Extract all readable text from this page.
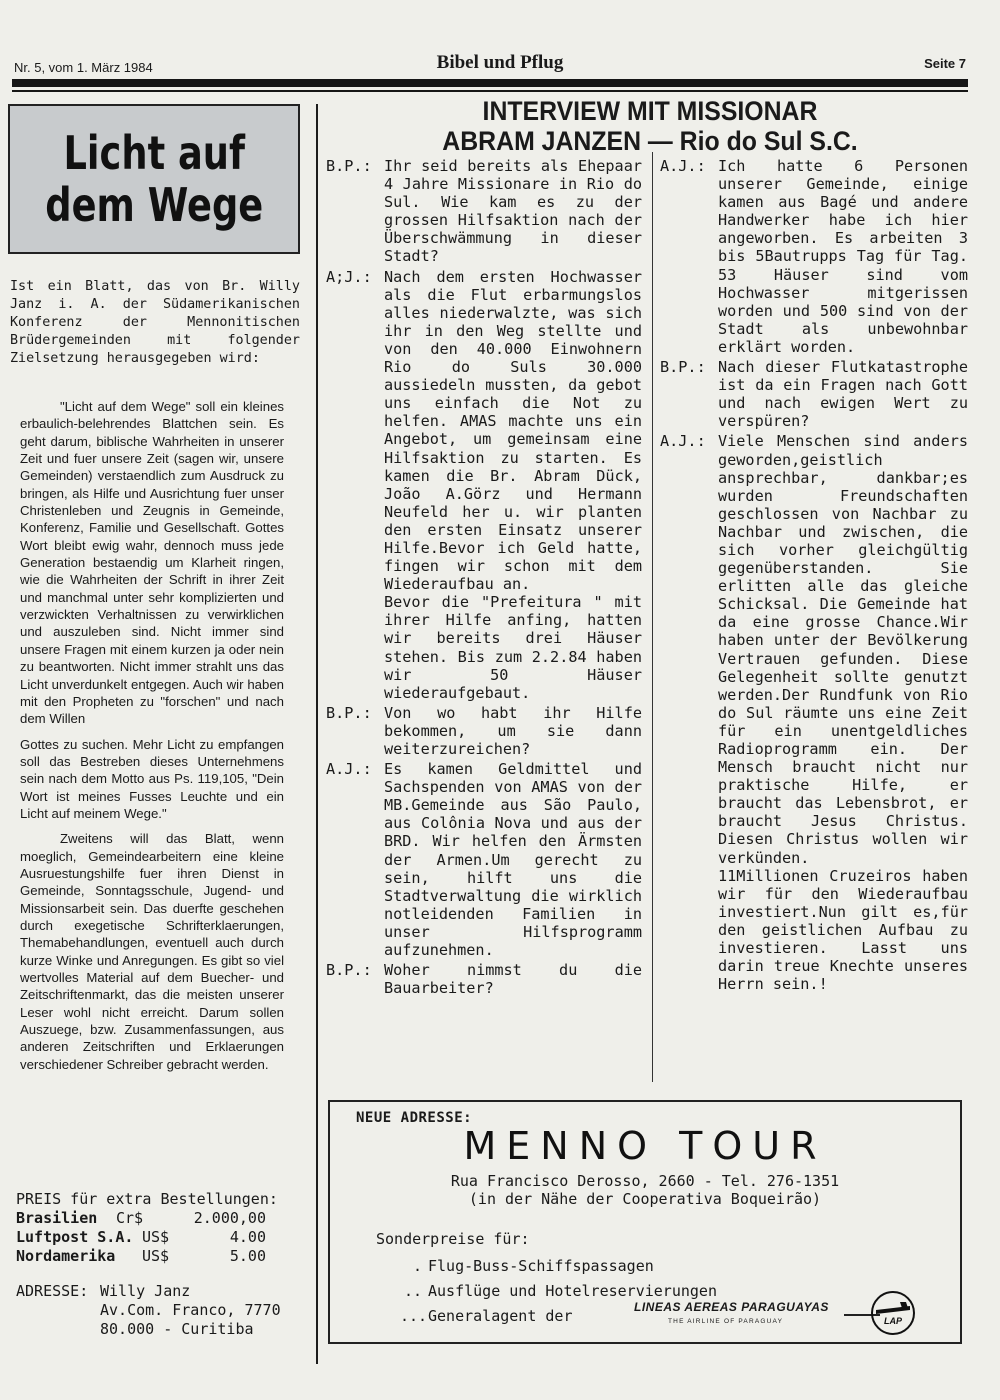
Nr. 5, vom 1. März 1984	Bibel und Pflug	Seite 7
Licht auf
dem Wege
Ist ein Blatt, das von Br. Willy Janz i. A. der Südamerikanischen Konferenz der Mennonitischen Brüdergemeinden mit folgender Zielsetzung herausgegeben wird:

"Licht auf dem Wege" soll ein kleines erbaulich-belehrendes Blattchen sein. Es geht darum, biblische Wahrheiten in unserer Zeit und fuer unsere Zeit (sagen wir, unsere Gemeinden) verstaendlich zum Ausdruck zu bringen, als Hilfe und Ausrichtung fuer unser Christenleben und Zeugnis in Gemeinde, Konferenz, Familie und Gesellschaft. Gottes Wort bleibt ewig wahr, dennoch muss jede Generation bestaendig um Klarheit ringen, wie die Wahrheiten der Schrift in ihrer Zeit und manchmal unter sehr komplizierten und verzwickten Verhaltnissen zu verwirklichen und auszuleben sind. Nicht immer sind unsere Fragen mit einem kurzen ja oder nein zu beantworten. Nicht immer strahlt uns das Licht unverdunkelt entgegen. Auch wir haben mit den Propheten zu "forschen" und nach dem Willen

Gottes zu suchen. Mehr Licht zu empfangen soll das Bestreben dieses Unternehmens sein nach dem Motto aus Ps. 119,105, "Dein Wort ist meines Fusses Leuchte und ein Licht auf meinem Wege."

Zweitens will das Blatt, wenn moeglich, Gemeindearbeitern eine kleine Ausruestungshilfe fuer ihren Dienst in Gemeinde, Sonntagsschule, Jugend- und Missionsarbeit sein. Das duerfte geschehen durch exegetische Schrifterklaerungen, Themabehandlungen, eventuell auch durch kurze Winke und Anregungen. Es gibt so viel wertvolles Material auf dem Buecher- und Zeitschriftenmarkt, das die meisten unserer Leser wohl nicht erreicht. Darum sollen Auszuege, bzw. Zusammenfassungen, aus anderen Zeitschriften und Erklaerungen verschiedener Schreiber gebracht werden.

PREIS für extra Bestellungen:
Brasilien	Cr$	2.000,00
Luftpost S.A. US$	4.00
Nordamerika	US$	5.00
ADRESSE: Willy Janz
Av.Com. Franco, 7770
80.000 - Curitiba
INTERVIEW MIT MISSIONAR
ABRAM JANZEN — Rio do Sul S.C.
B.P.: Ihr seid bereits als Ehepaar 4 Jahre Missionare in Rio do Sul. Wie kam es zu der grossen Hilfsaktion nach der Überschwämmung in dieser Stadt?
A;J.: Nach dem ersten Hochwasser als die Flut erbarmungslos alles niederwalzte, was sich ihr in den Weg stellte und von den 40.000 Einwohnern Rio do Suls 30.000 aussiedeln mussten, da gebot uns einfach die Not zu helfen. AMAS machte uns ein Angebot, um gemeinsam eine Hilfsaktion zu starten. Es kamen die Br. Abram Dück, João A.Görz und Hermann Neufeld her u. wir planten den ersten Einsatz unserer Hilfe.Bevor ich Geld hatte, fingen wir schon mit dem Wiederaufbau an.
Bevor die "Prefeitura " mit ihrer Hilfe anfing, hatten wir bereits drei Häuser stehen. Bis zum 2.2.84 haben wir 50 Häuser wiederaufgebaut.
B.P.: Von wo habt ihr Hilfe bekommen, um sie dann weiterzureichen?
A.J.: Es kamen Geldmittel und Sachspenden von AMAS von der MB.Gemeinde aus São Paulo, aus Colônia Nova und aus der BRD. Wir helfen den Ärmsten der Armen.Um gerecht zu sein, hilft uns die Stadtverwaltung die wirklich notleidenden Familien in unser Hilfsprogramm aufzunehmen.
B.P.: Woher nimmst du die Bauarbeiter?
A.J.: Ich hatte 6 Personen unserer Gemeinde, einige kamen aus Bagé und andere Handwerker habe ich hier angeworben. Es arbeiten 3 bis 5Bautrupps Tag für Tag. 53 Häuser sind vom Hochwasser mitgerissen worden und 500 sind von der Stadt als unbewohnbar erklärt worden.
B.P.: Nach dieser Flutkatastrophe ist da ein Fragen nach Gott und nach ewigen Wert zu verspüren?
A.J.: Viele Menschen sind anders geworden,geistlich ansprechbar, dankbar;es wurden Freundschaften geschlossen von Nachbar zu Nachbar und zwischen, die sich vorher gleichgültig gegenüberstanden. Sie erlitten alle das gleiche Schicksal. Die Gemeinde hat da eine grosse Chance.Wir haben unter der Bevölkerung Vertrauen gefunden. Diese Gelegenheit sollte genutzt werden.Der Rundfunk von Rio do Sul räumte uns eine Zeit für ein unentgeldliches Radioprogramm ein. Der Mensch braucht nicht nur praktische Hilfe, er braucht das Lebensbrot, er braucht Jesus Christus. Diesen Christus wollen wir verkünden.
11Millionen Cruzeiros haben wir für den Wiederaufbau investiert.Nun gilt es,für den geistlichen Aufbau zu investieren. Lasst uns darin treue Knechte unseres Herrn sein.!
NEUE ADRESSE:
MENNO TOUR
Rua Francisco Derosso, 2660 - Tel. 276-1351
(in der Nähe der Cooperativa Boqueirão)
Sonderpreise für:
. Flug-Buss-Schiffspassagen
.. Ausflüge und Hotelreservierungen
... Generalagent der	LINEAS AEREAS PARAGUAYAS
THE AIRLINE OF PARAGUAY	LAP
